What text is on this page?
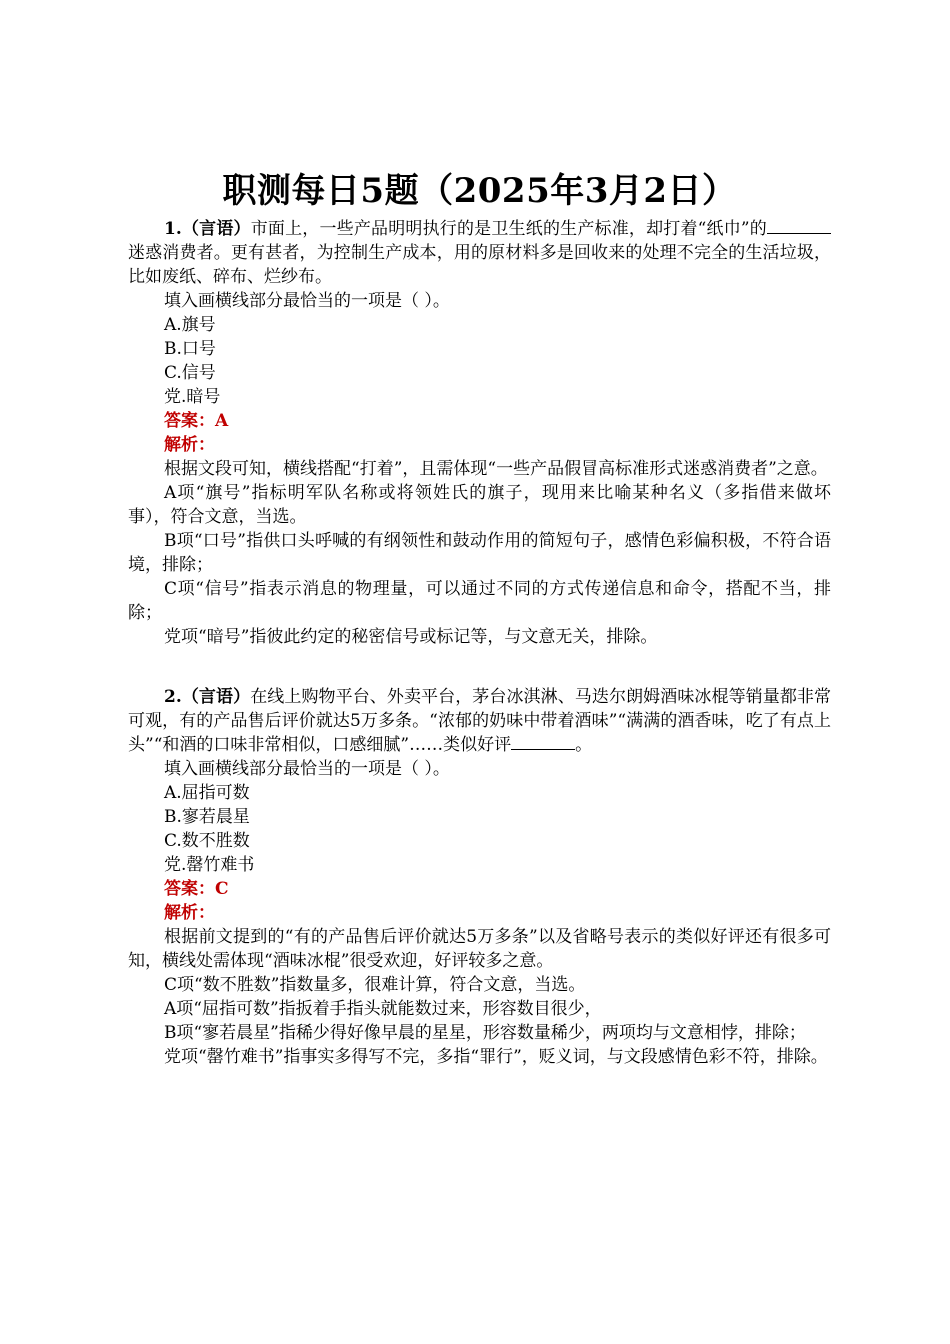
职测每日5题（2025年3月2日）

1.（言语）市面上，一些产品明明执行的是卫生纸的生产标准，却打着“纸巾”的迷惑消费者。更有甚者，为控制生产成本，用的原材料多是回收来的处理不完全的生活垃圾，比如废纸、碎布、烂纱布。

填入画横线部分最恰当的一项是（ ）。

A.旗号

B.口号

C.信号

党.暗号

答案：A

解析：

根据文段可知，横线搭配“打着”，且需体现“一些产品假冒高标准形式迷惑消费者”之意。

A项“旗号”指标明军队名称或将领姓氏的旗子，现用来比喻某种名义（多指借来做坏事），符合文意，当选。

B项“口号”指供口头呼喊的有纲领性和鼓动作用的简短句子，感情色彩偏积极，不符合语境，排除；

C项“信号”指表示消息的物理量，可以通过不同的方式传递信息和命令，搭配不当，排除；

党项“暗号”指彼此约定的秘密信号或标记等，与文意无关，排除。

2.（言语）在线上购物平台、外卖平台，茅台冰淇淋、马迭尔朗姆酒味冰棍等销量都非常可观，有的产品售后评价就达5万多条。“浓郁的奶味中带着酒味”“满满的酒香味，吃了有点上头”“和酒的口味非常相似，口感细腻”……类似好评	。

填入画横线部分最恰当的一项是（ ）。

A.屈指可数

B.寥若晨星

C.数不胜数

党.罄竹难书

答案：C

解析：

根据前文提到的“有的产品售后评价就达5万多条”以及省略号表示的类似好评还有很多可知，横线处需体现“酒味冰棍”很受欢迎，好评较多之意。

C项“数不胜数”指数量多，很难计算，符合文意，当选。

A项“屈指可数”指扳着手指头就能数过来，形容数目很少，

B项“寥若晨星”指稀少得好像早晨的星星，形容数量稀少，两项均与文意相悖，排除；

党项“罄竹难书”指事实多得写不完，多指“罪行”，贬义词，与文段感情色彩不符，排除。
